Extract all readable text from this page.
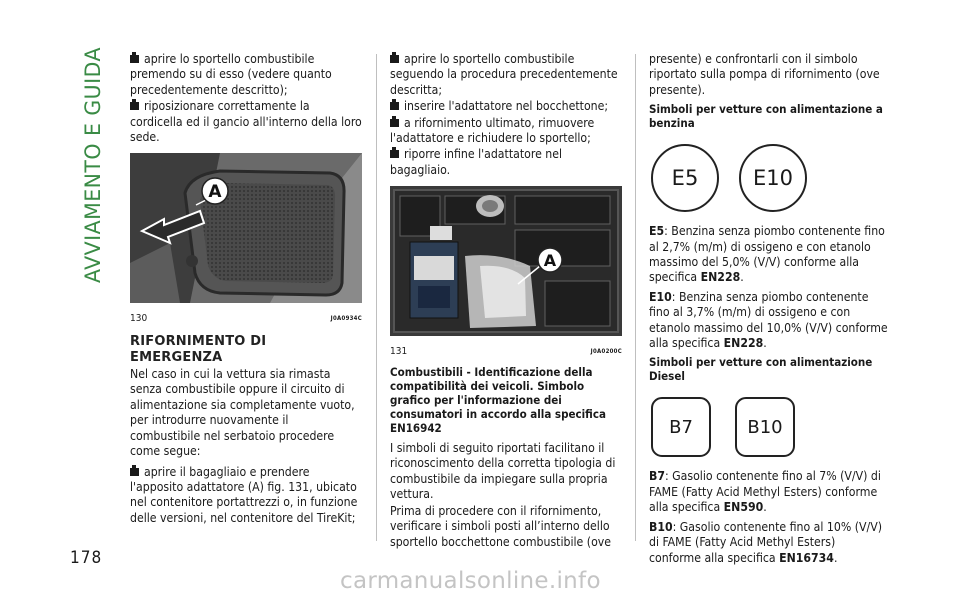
AVVIAMENTO E GUIDA
178

aprire lo sportello combustibile premendo su di esso (vedere quanto precedentemente descritto);

riposizionare correttamente la cordicella ed il gancio all'interno della loro sede.

A
130	J0A0934C
RIFORNIMENTO DI EMERGENZA

Nel caso in cui la vettura sia rimasta senza combustibile oppure il circuito di alimentazione sia completamente vuoto, per introdurre nuovamente il combustibile nel serbatoio procedere come segue:

aprire il bagagliaio e prendere l'apposito adattatore (A) fig. 131, ubicato nel contenitore portattrezzi o, in funzione delle versioni, nel contenitore del TireKit;

aprire lo sportello combustibile seguendo la procedura precedentemente descritta;

inserire l'adattatore nel bocchettone;

a rifornimento ultimato, rimuovere l'adattatore e richiudere lo sportello;

riporre infine l'adattatore nel bagagliaio.

A
131	J0A0200C
Combustibili - Identificazione della compatibilità dei veicoli. Simbolo grafico per l'informazione dei consumatori in accordo alla specifica EN16942

I simboli di seguito riportati facilitano il riconoscimento della corretta tipologia di combustibile da impiegare sulla propria vettura.

Prima di procedere con il rifornimento, verificare i simboli posti all’interno dello sportello bocchettone combustibile (ove

presente) e confrontarli con il simbolo riportato sulla pompa di rifornimento (ove presente).

Simboli per vetture con alimentazione a benzina
E5	E10

E5: Benzina senza piombo contenente fino al 2,7% (m/m) di ossigeno e con etanolo massimo del 5,0% (V/V) conforme alla specifica EN228.

E10: Benzina senza piombo contenente fino al 3,7% (m/m) di ossigeno e con etanolo massimo del 10,0% (V/V) conforme alla specifica EN228.

Simboli per vetture con alimentazione Diesel
B7	B10

B7: Gasolio contenente fino al 7% (V/V) di FAME (Fatty Acid Methyl Esters) conforme alla specifica EN590.

B10: Gasolio contenente fino al 10% (V/V) di FAME (Fatty Acid Methyl Esters) conforme alla specifica EN16734.

carmanualsonline.info
